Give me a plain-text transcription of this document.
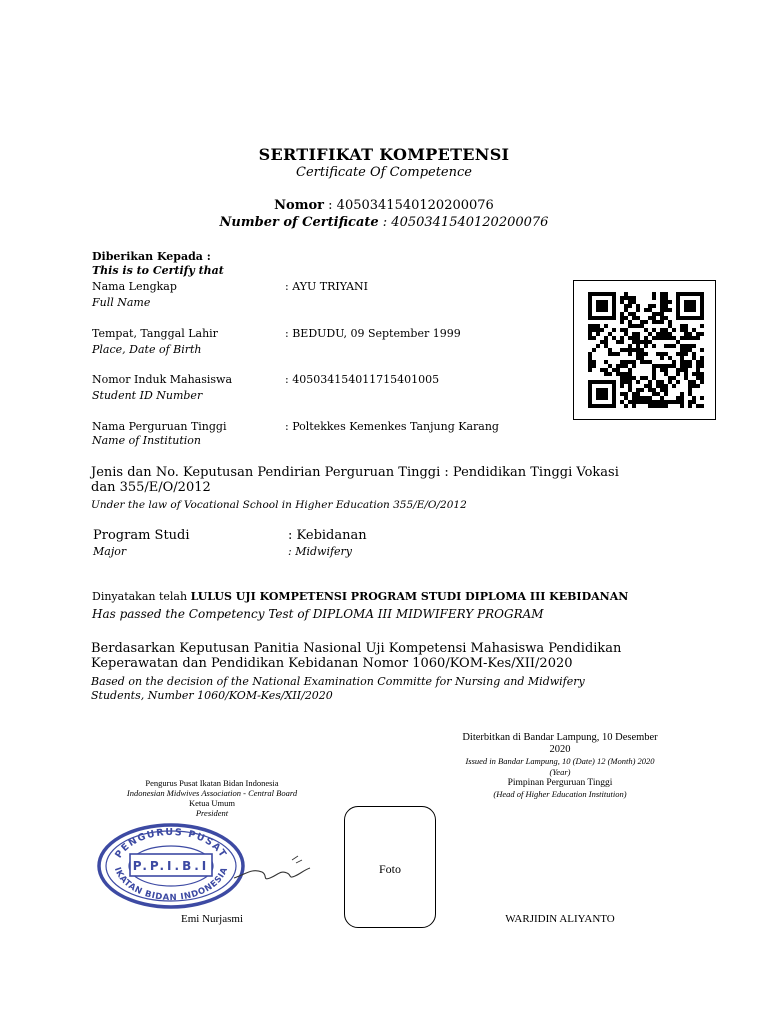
SERTIFIKAT KOMPETENSI
Certificate Of Competence
Nomor : 4050341540120200076
Number of Certificate : 4050341540120200076
Diberikan Kepada :
This is to Certify that
Nama Lengkap
Full Name
: AYU TRIYANI
Tempat, Tanggal Lahir
Place, Date of Birth
: BEDUDU, 09 September 1999
Nomor Induk Mahasiswa
Student ID Number
: 405034154011715401005
Nama Perguruan Tinggi
Name of Institution
: Poltekkes Kemenkes Tanjung Karang
Jenis dan No. Keputusan Pendirian Perguruan Tinggi : Pendidikan Tinggi Vokasi
dan 355/E/O/2012
Under the law of Vocational School in Higher Education 355/E/O/2012
Program Studi	: Kebidanan
Major	: Midwifery
Dinyatakan telah LULUS UJI KOMPETENSI PROGRAM STUDI DIPLOMA III KEBIDANAN
Has passed the Competency Test of DIPLOMA III MIDWIFERY PROGRAM
Berdasarkan Keputusan Panitia Nasional Uji Kompetensi Mahasiswa Pendidikan
Keperawatan dan Pendidikan Kebidanan Nomor 1060/KOM-Kes/XII/2020
Based on the decision of the National Examination Committe for Nursing and Midwifery
Students, Number 1060/KOM-Kes/XII/2020
Diterbitkan di Bandar Lampung, 10 Desember
2020
Issued in Bandar Lampung, 10 (Date) 12 (Month) 2020
(Year)
Pimpinan Perguruan Tinggi
(Head of Higher Education Institution)
WARJIDIN ALIYANTO
Pengurus Pusat Ikatan Bidan Indonesia
Indonesian Midwives Association - Central Board
Ketua Umum
President
PENGURUS PUSAT
IKATAN BIDAN INDONESIA
P.P.I.B.I
Emi Nurjasmi
Foto
